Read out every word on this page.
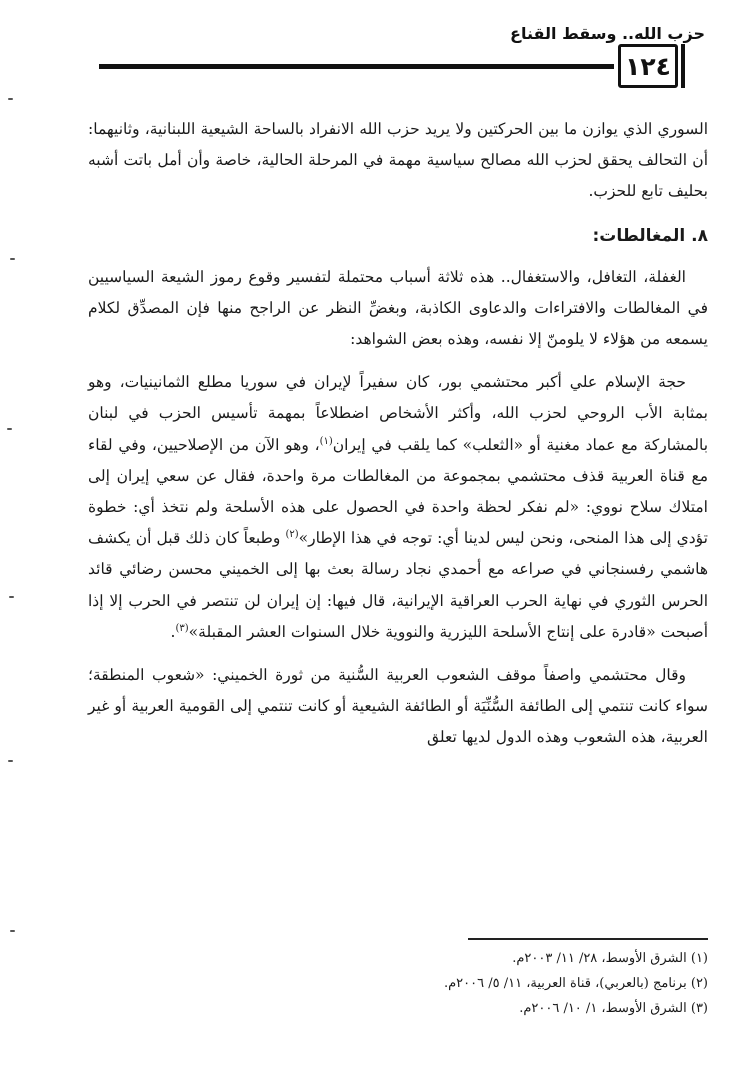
حزب الله.. وسقط القناع
١٢٤

السوري الذي يوازن ما بين الحركتين ولا يريد حزب الله الانفراد بالساحة الشيعية اللبنانية، وثانيهما: أن التحالف يحقق لحزب الله مصالح سياسية مهمة في المرحلة الحالية، خاصة وأن أمل باتت أشبه بحليف تابع للحزب.

٨. المغالطات:

الغفلة، التغافل، والاستغفال.. هذه ثلاثة أسباب محتملة لتفسير وقوع رموز الشيعة السياسيين في المغالطات والافتراءات والدعاوى الكاذبة، وبغضِّ النظر عن الراجح منها فإن المصدِّق لكلام يسمعه من هؤلاء لا يلومنّ إلا نفسه، وهذه بعض الشواهد:

حجة الإسلام علي أكبر محتشمي بور، كان سفيراً لإيران في سوريا مطلع الثمانينيات، وهو بمثابة الأب الروحي لحزب الله، وأكثر الأشخاص اضطلاعاً بمهمة تأسيس الحزب في لبنان بالمشاركة مع عماد مغنية أو «الثعلب» كما يلقب في إيران$^{(١)}$، وهو الآن من الإصلاحيين، وفي لقاء مع قناة العربية قذف محتشمي بمجموعة من المغالطات مرة واحدة، فقال عن سعي إيران إلى امتلاك سلاح نووي: «لم نفكر لحظة واحدة في الحصول على هذه الأسلحة ولم نتخذ أي: خطوة تؤدي إلى هذا المنحى، ونحن ليس لدينا أي: توجه في هذا الإطار»$^{(٢)}$ وطبعاً كان ذلك قبل أن يكشف هاشمي رفسنجاني في صراعه مع أحمدي نجاد رسالة بعث بها إلى الخميني محسن رضائي قائد الحرس الثوري في نهاية الحرب العراقية الإيرانية، قال فيها: إن إيران لن تنتصر في الحرب إلا إذا أصبحت «قادرة على إنتاج الأسلحة الليزرية والنووية خلال السنوات العشر المقبلة»$^{(٣)}$.

وقال محتشمي واصفاً موقف الشعوب العربية السُّنية من ثورة الخميني: «شعوب المنطقة؛ سواء كانت تنتمي إلى الطائفة السُّنِّيَة أو الطائفة الشيعية أو كانت تنتمي إلى القومية العربية أو غير العربية، هذه الشعوب وهذه الدول لديها تعلق

(١) الشرق الأوسط، ٢٨/ ١١/ ٢٠٠٣م.
(٢) برنامج (بالعربي)، قناة العربية، ١١/ ٥/ ٢٠٠٦م.
(٣) الشرق الأوسط، ١/ ١٠/ ٢٠٠٦م.
